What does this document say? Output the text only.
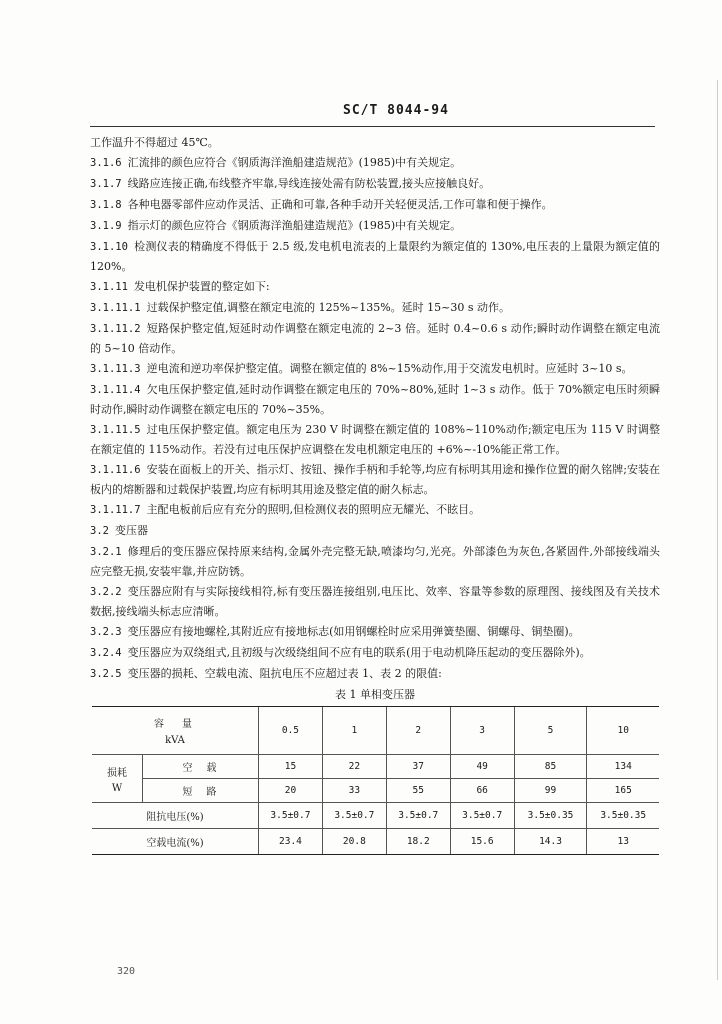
SC/T 8044-94
工作温升不得超过 45℃。
3.1.6 汇流排的颜色应符合《钢质海洋渔船建造规范》(1985)中有关规定。
3.1.7 线路应连接正确,布线整齐牢靠,导线连接处需有防松装置,接头应接触良好。
3.1.8 各种电器零部件应动作灵活、正确和可靠,各种手动开关轻便灵活,工作可靠和便于操作。
3.1.9 指示灯的颜色应符合《钢质海洋渔船建造规范》(1985)中有关规定。
3.1.10 检测仪表的精确度不得低于 2.5 级,发电机电流表的上量限约为额定值的 130%,电压表的上量限为额定值的 120%。
3.1.11 发电机保护装置的整定如下:
3.1.11.1 过载保护整定值,调整在额定电流的 125%~135%。延时 15~30 s 动作。
3.1.11.2 短路保护整定值,短延时动作调整在额定电流的 2~3 倍。延时 0.4~0.6 s 动作;瞬时动作调整在额定电流的 5~10 倍动作。
3.1.11.3 逆电流和逆功率保护整定值。调整在额定值的 8%~15%动作,用于交流发电机时。应延时 3~10 s。
3.1.11.4 欠电压保护整定值,延时动作调整在额定电压的 70%~80%,延时 1~3 s 动作。低于 70%额定电压时须瞬时动作,瞬时动作调整在额定电压的 70%~35%。
3.1.11.5 过电压保护整定值。额定电压为 230 V 时调整在额定值的 108%~110%动作;额定电压为 115 V 时调整在额定值的 115%动作。若没有过电压保护应调整在发电机额定电压的 +6%~-10%能正常工作。
3.1.11.6 安装在面板上的开关、指示灯、按钮、操作手柄和手轮等,均应有标明其用途和操作位置的耐久铭牌;安装在板内的熔断器和过载保护装置,均应有标明其用途及整定值的耐久标志。
3.1.11.7 主配电板前后应有充分的照明,但检测仪表的照明应无耀光、不眩目。
3.2 变压器
3.2.1 修理后的变压器应保持原来结构,金属外壳完整无缺,喷漆均匀,光亮。外部漆色为灰色,各紧固件,外部接线端头应完整无损,安装牢靠,并应防锈。
3.2.2 变压器应附有与实际接线相符,标有变压器连接组别,电压比、效率、容量等参数的原理图、接线图及有关技术数据,接线端头标志应清晰。
3.2.3 变压器应有接地螺栓,其附近应有接地标志(如用钢螺栓时应采用弹簧垫圈、铜螺母、铜垫圈)。
3.2.4 变压器应为双绕组式,且初级与次级绕组间不应有电的联系(用于电动机降压起动的变压器除外)。
3.2.5 变压器的损耗、空载电流、阻抗电压不应超过表 1、表 2 的限值:
表 1 单相变压器
容　量
kVA		0.5	1	2	3	5	10

损耗
W	空　载	15	22	37	49	85	134
	短　路	20	33	55	66	99	165
阻抗电压(%)		3.5±0.7	3.5±0.7	3.5±0.7	3.5±0.7	3.5±0.35	3.5±0.35
空载电流(%)		23.4	20.8	18.2	15.6	14.3	13
320
